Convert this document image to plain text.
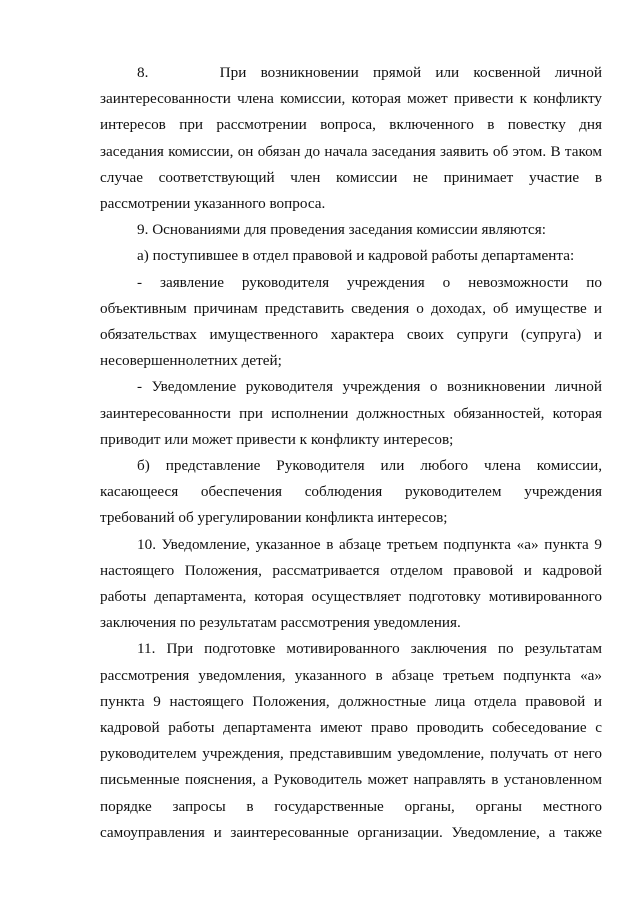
8.     При возникновении прямой или косвенной личной заинтересованности члена комиссии, которая может привести к конфликту интересов при рассмотрении вопроса, включенного в повестку дня заседания комиссии, он обязан до начала заседания заявить об этом. В таком случае соответствующий член комиссии не принимает участие в рассмотрении указанного вопроса.

9. Основаниями для проведения заседания комиссии являются:

а) поступившее в отдел правовой и кадровой работы департамента:

- заявление руководителя учреждения о невозможности по объективным причинам представить сведения о доходах, об имуществе и обязательствах имущественного характера своих супруги (супруга) и несовершеннолетних детей;

- Уведомление руководителя учреждения о возникновении личной заинтересованности при исполнении должностных обязанностей, которая приводит или может привести к конфликту интересов;

б) представление Руководителя или любого члена комиссии, касающееся обеспечения соблюдения руководителем учреждения требований об урегулировании конфликта интересов;

10. Уведомление, указанное в абзаце третьем подпункта «а» пункта 9 настоящего Положения, рассматривается отделом правовой и кадровой работы департамента, которая осуществляет подготовку мотивированного заключения по результатам рассмотрения уведомления.

11. При подготовке мотивированного заключения по результатам рассмотрения уведомления, указанного в абзаце третьем подпункта «а» пункта 9 настоящего Положения, должностные лица отдела правовой и кадровой работы департамента имеют право проводить собеседование с руководителем учреждения, представившим уведомление, получать от него письменные пояснения, а Руководитель может направлять в установленном порядке запросы в государственные органы, органы местного самоуправления и заинтересованные организации. Уведомление, а также
